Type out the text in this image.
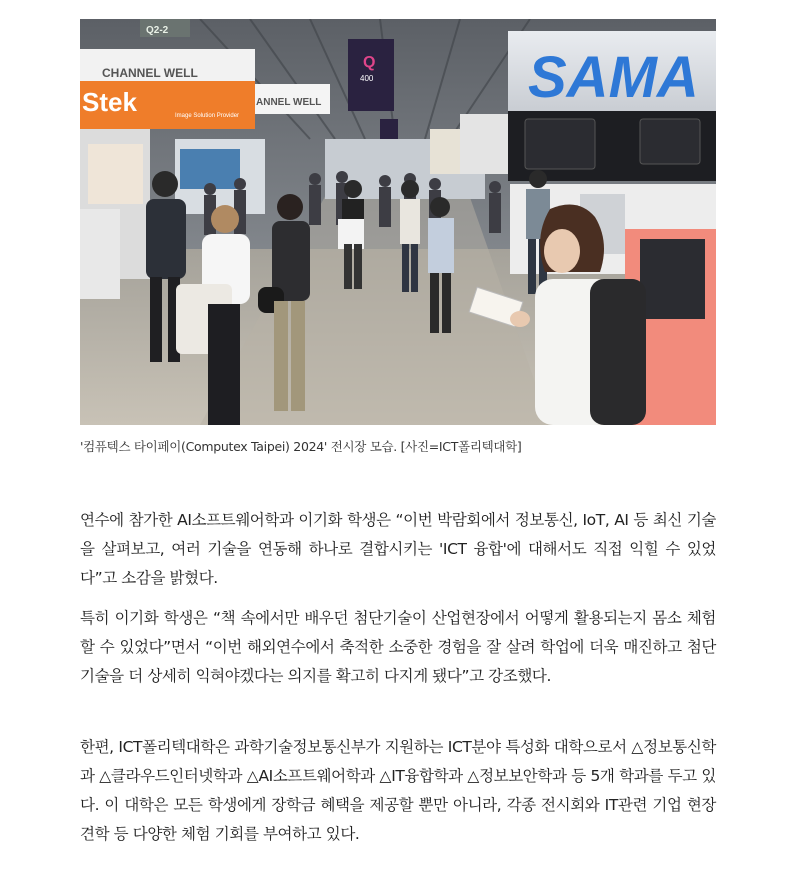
CHANNEL WELL
Q2-2
Stek	Image Solution Provider
ANNEL WELL
Q
400	SAMA
'컴퓨텍스 타이페이(Computex Taipei) 2024' 전시장 모습. [사진=ICT폴리텍대학]

연수에 참가한 AI소프트웨어학과 이기화 학생은 “이번 박람회에서 정보통신, IoT, AI 등 최신 기술을 살펴보고, 여러 기술을 연동해 하나로 결합시키는 'ICT 융합'에 대해서도 직접 익힐 수 있었다”고 소감을 밝혔다.

특히 이기화 학생은 “책 속에서만 배우던 첨단기술이 산업현장에서 어떻게 활용되는지 몸소 체험할 수 있었다”면서 “이번 해외연수에서 축적한 소중한 경험을 잘 살려 학업에 더욱 매진하고 첨단기술을 더 상세히 익혀야겠다는 의지를 확고히 다지게 됐다”고 강조했다.

한편, ICT폴리텍대학은 과학기술정보통신부가 지원하는 ICT분야 특성화 대학으로서 △정보통신학과 △클라우드인터넷학과 △AI소프트웨어학과 △IT융합학과 △정보보안학과 등 5개 학과를 두고 있다. 이 대학은 모든 학생에게 장학금 혜택을 제공할 뿐만 아니라, 각종 전시회와 IT관련 기업 현장견학 등 다양한 체험 기회를 부여하고 있다.
